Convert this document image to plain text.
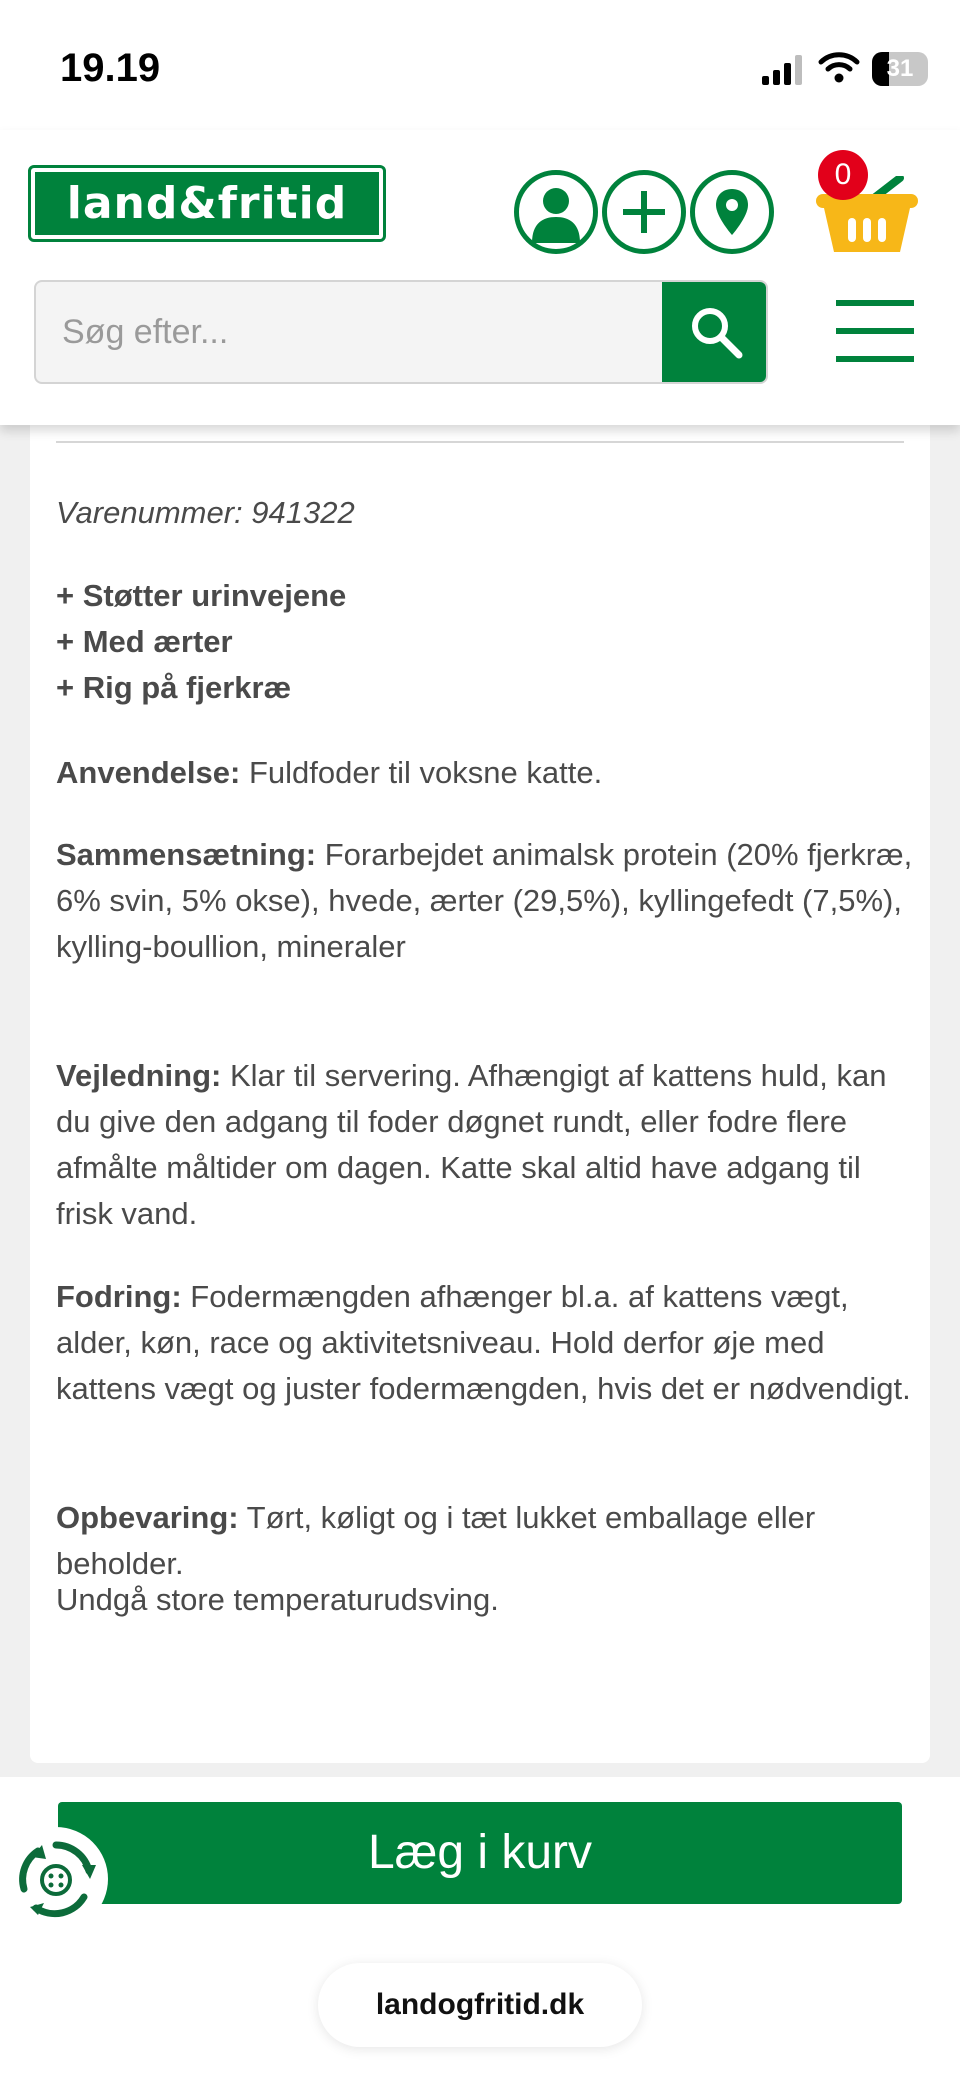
19.19	31
land&fritid
0
Søg efter...
Varenummer: 941322
+ Støtter urinvejene
+ Med ærter
+ Rig på fjerkræ
Anvendelse: Fuldfoder til voksne katte.
Sammensætning: Forarbejdet animalsk protein (20% fjerkræ, 6% svin, 5% okse), hvede, ærter (29,5%), kyllingefedt (7,5%), kylling-boullion, mineraler
Vejledning: Klar til servering. Afhængigt af kattens huld, kan du give den adgang til foder døgnet rundt, eller fodre flere afmålte måltider om dagen. Katte skal altid have adgang til frisk vand.
Fodring: Fodermængden afhænger bl.a. af kattens vægt, alder, køn, race og aktivitetsniveau. Hold derfor øje med kattens vægt og juster fodermængden, hvis det er nødvendigt.
Opbevaring: Tørt, køligt og i tæt lukket emballage eller beholder.
Undgå store temperaturudsving.
Læg i kurv
landogfritid.dk
